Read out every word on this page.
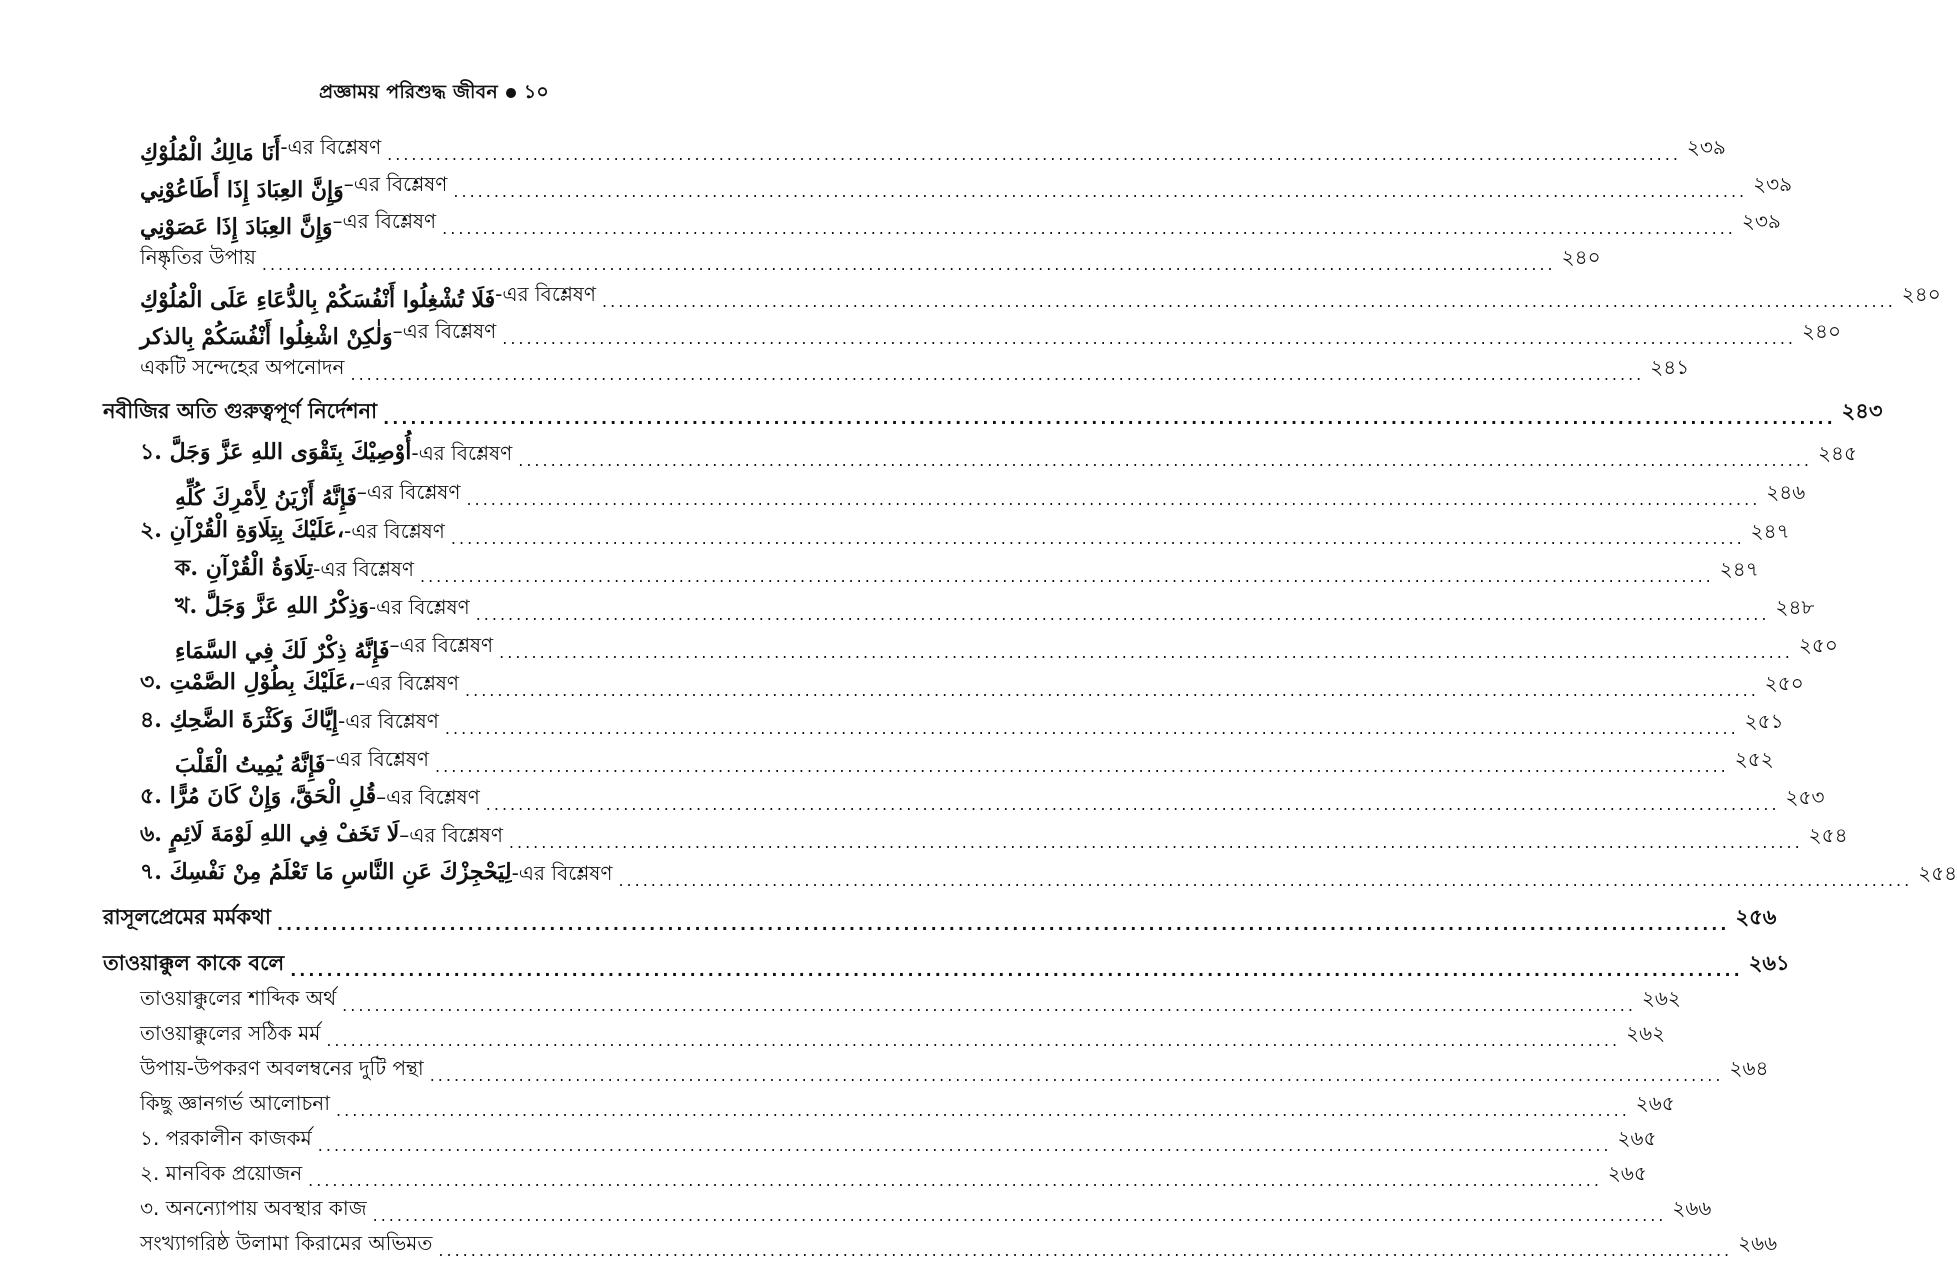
প্রজ্ঞাময় পরিশুদ্ধ জীবন ১০
أَنَا مَالِكُ الْمُلُوْكِ -এর বিশ্লেষণ ................................................................................................................................................................ ২৩৯
وَإِنَّ العِبَادَ إِذَا أَطَاعُوْنِي –এর বিশ্লেষণ ................................................................................................................................................................ ২৩৯
وَإِنَّ العِبَادَ إِذَا عَصَوْنِي –এর বিশ্লেষণ ................................................................................................................................................................ ২৩৯
নিষ্কৃতির উপায় ................................................................................................................................................................ ২৪০
فَلَا تُشْغِلُوا أَنْفُسَكُمْ بِالدُّعَاءِ عَلَى الْمُلُوْكِ -এর বিশ্লেষণ ................................................................................................................................................................ ২৪০
وَلٰكِنْ اشْغِلُوا أَنْفُسَكُمْ بِالذكر –এর বিশ্লেষণ ................................................................................................................................................................ ২৪০
একটি সন্দেহের অপনোদন ................................................................................................................................................................ ২৪১
নবীজির অতি গুরুত্বপূর্ণ নির্দেশনা ................................................................................................................................................................ ২৪৩
১. أُوْصِيْكَ بِتَقْوَى اللهِ عَزَّ وَجَلَّ -এর বিশ্লেষণ ................................................................................................................................................................ ২৪৫
فَإِنَّهُ أَزْيَنُ لِأَمْرِكَ كُلِّهِ –এর বিশ্লেষণ ................................................................................................................................................................ ২৪৬
২. عَلَيْكَ بِتِلَاوَةِ الْقُرْآنِ، -এর বিশ্লেষণ ................................................................................................................................................................ ২৪৭
ক. تِلَاوَةُ الْقُرْآنِ -এর বিশ্লেষণ ................................................................................................................................................................ ২৪৭
খ. وَذِكْرُ اللهِ عَزَّ وَجَلَّ -এর বিশ্লেষণ ................................................................................................................................................................ ২৪৮
فَإِنَّهُ ذِكْرٌ لَكَ فِي السَّمَاءِ –এর বিশ্লেষণ ................................................................................................................................................................ ২৫০
৩. عَلَيْكَ بِطُوْلِ الصَّمْتِ، –এর বিশ্লেষণ ................................................................................................................................................................ ২৫০
৪. إِيَّاكَ وَكَثْرَةَ الضَّحِكِ -এর বিশ্লেষণ ................................................................................................................................................................ ২৫১
فَإِنَّهُ يُمِيتُ الْقَلْبَ –এর বিশ্লেষণ ................................................................................................................................................................ ২৫২
৫. قُلِ الْحَقَّ، وَإِنْ كَانَ مُرًّا –এর বিশ্লেষণ ................................................................................................................................................................ ২৫৩
৬. لَا تَخَفْ فِي اللهِ لَوْمَةَ لَائِمٍ –এর বিশ্লেষণ ................................................................................................................................................................ ২৫৪
৭. لِيَحْجِزْكَ عَنِ النَّاسِ مَا تَعْلَمُ مِنْ نَفْسِكَ -এর বিশ্লেষণ ................................................................................................................................................................ ২৫৪
রাসূলপ্রেমের মর্মকথা ................................................................................................................................................................ ২৫৬
তাওয়াক্কুল কাকে বলে ................................................................................................................................................................ ২৬১
তাওয়াক্কুলের শাব্দিক অর্থ ................................................................................................................................................................ ২৬২
তাওয়াক্কুলের সঠিক মর্ম ................................................................................................................................................................ ২৬২
উপায়-উপকরণ অবলম্বনের দুটি পন্থা ................................................................................................................................................................ ২৬৪
কিছু জ্ঞানগর্ভ আলোচনা ................................................................................................................................................................ ২৬৫
১. পরকালীন কাজকর্ম ................................................................................................................................................................ ২৬৫
২. মানবিক প্রয়োজন ................................................................................................................................................................ ২৬৫
৩. অনন্যোপায় অবস্থার কাজ ................................................................................................................................................................ ২৬৬
সংখ্যাগরিষ্ঠ উলামা কিরামের অভিমত ................................................................................................................................................................ ২৬৬
